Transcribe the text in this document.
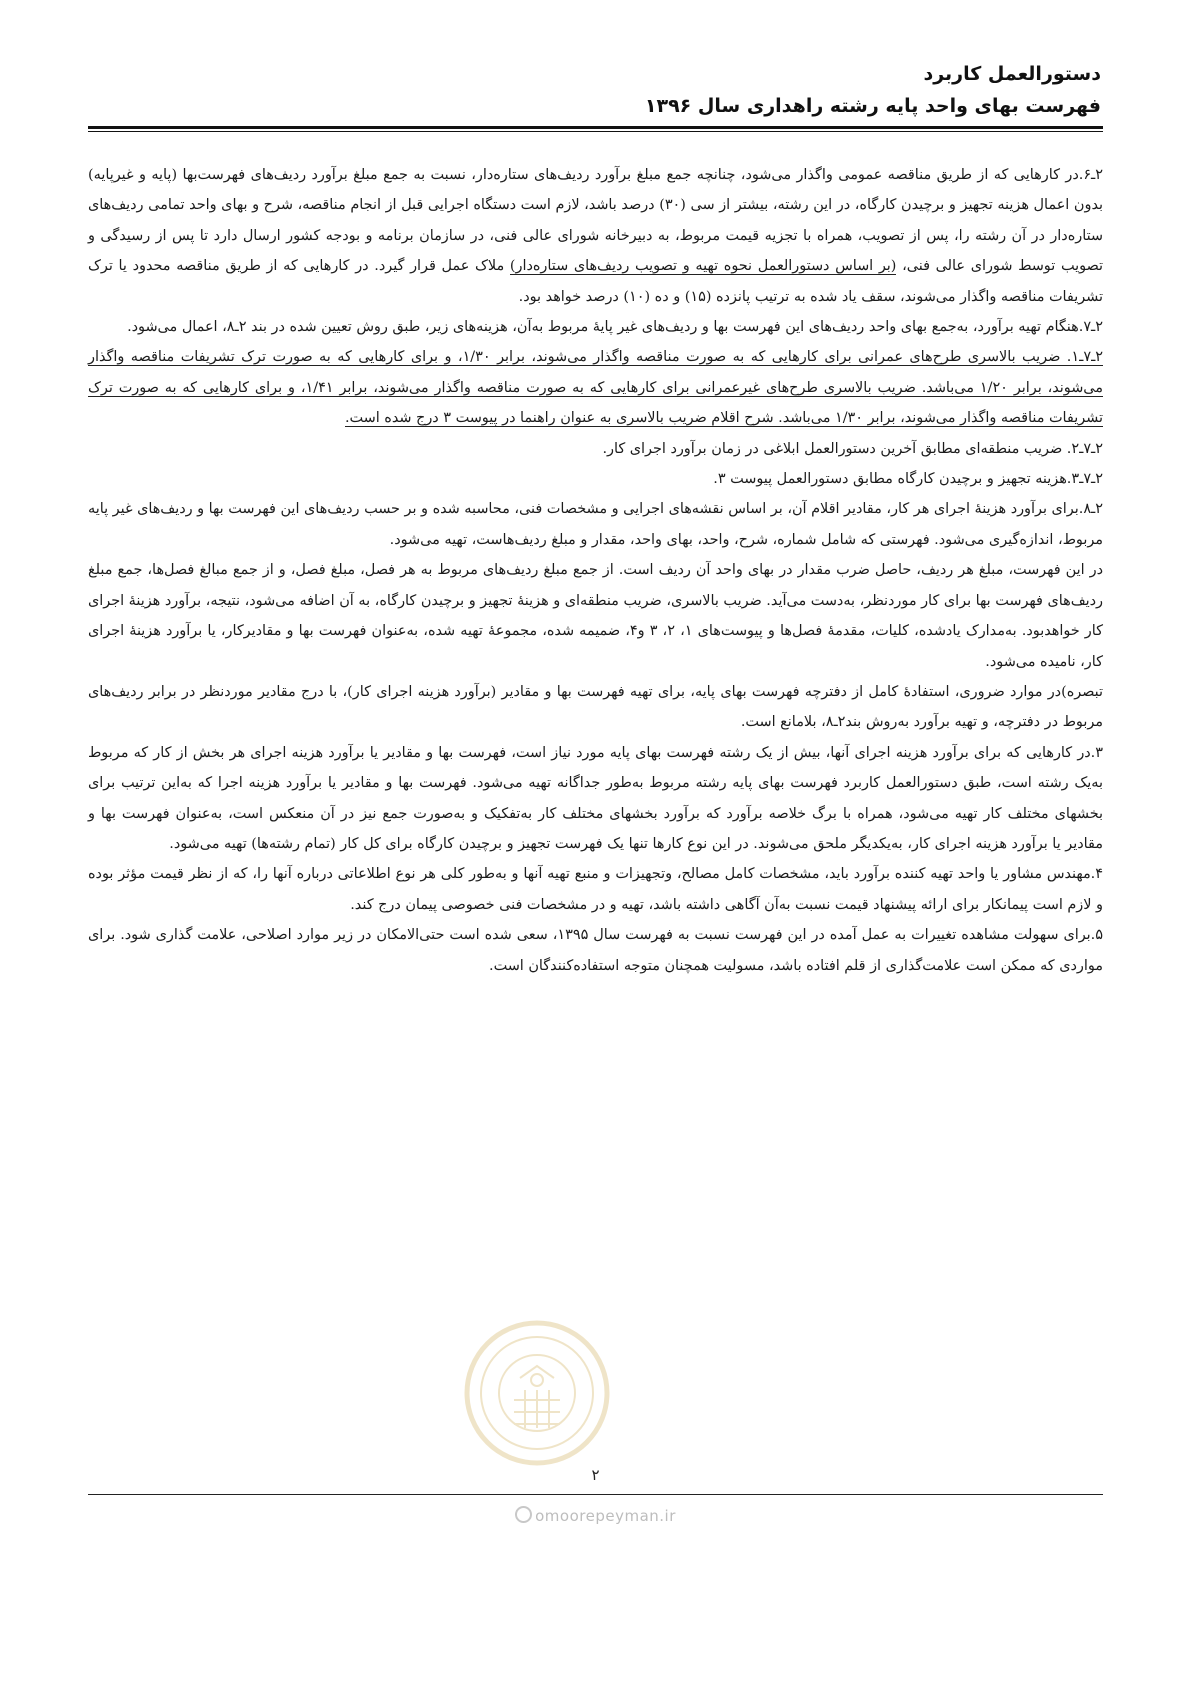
دستورالعمل کاربرد
فهرست بهای واحد پایه رشته راهداری سال ۱۳۹۶

۲ـ۶.در کارهایی که از طریق مناقصه عمومی واگذار می‌شود، چنانچه جمع مبلغ برآورد ردیف‌های ستاره‌دار، نسبت به جمع مبلغ برآورد ردیف‌های فهرست‌بها (پایه و غیرپایه) بدون اعمال هزینه تجهیز و برچیدن کارگاه، در این رشته، بیشتر از سی (۳۰) درصد باشد، لازم است دستگاه اجرایی قبل از انجام مناقصه، شرح و بهای واحد تمامی ردیف‌های ستاره‌دار در آن رشته را، پس از تصویب، همراه با تجزیه قیمت مربوط، به دبیرخانه شورای عالی فنی، در سازمان برنامه و بودجه کشور ارسال دارد تا پس از رسیدگی و تصویب توسط شورای عالی فنی، (بر اساس دستورالعمل نحوه تهیه و تصویب ردیف‌های ستاره‌دار) ملاک عمل قرار گیرد. در کارهایی که از طریق مناقصه محدود یا ترک تشریفات مناقصه واگذار می‌شوند، سقف یاد شده به ترتیب پانزده (۱۵) و ده (۱۰) درصد خواهد بود.

۲ـ۷.هنگام تهیه برآورد، به‌جمع بهای واحد ردیف‌های این فهرست بها و ردیف‌های غیر پایهٔ مربوط به‌آن، هزینه‌های زیر، طبق روش تعیین شده در بند ۲ـ۸، اعمال می‌شود.

۲ـ۷ـ۱. ضریب بالاسری طرح‌های عمرانی برای کارهایی که به صورت مناقصه واگذار می‌شوند، برابر ۱/۳۰، و برای کارهایی که به صورت ترک تشریفات مناقصه واگذار می‌شوند، برابر ۱/۲۰ می‌باشد. ضریب بالاسری طرح‌های غیرعمرانی برای کارهایی که به صورت مناقصه واگذار می‌شوند، برابر ۱/۴۱، و برای کارهایی که به صورت ترک تشریفات مناقصه واگذار می‌شوند، برابر ۱/۳۰ می‌باشد. شرح اقلام ضریب بالاسری به عنوان راهنما در پیوست ۳ درج شده است.

۲ـ۷ـ۲. ضریب منطقه‌ای مطابق آخرین دستورالعمل ابلاغی در زمان برآورد اجرای کار.

۲ـ۷ـ۳.هزینه تجهیز و برچیدن کارگاه مطابق دستورالعمل پیوست ۳.

۲ـ۸.برای برآورد هزینهٔ اجرای هر کار، مقادیر اقلام آن، بر اساس نقشه‌های اجرایی و مشخصات فنی، محاسبه شده و بر حسب ردیف‌های این فهرست بها و ردیف‌های غیر پایه مربوط، اندازه‌گیری می‌شود. فهرستی که شامل شماره، شرح، واحد، بهای واحد، مقدار و مبلغ ردیف‌هاست، تهیه می‌شود.

در این فهرست، مبلغ هر ردیف، حاصل ضرب مقدار در بهای واحد آن ردیف است. از جمع مبلغ ردیف‌های مربوط به هر فصل، مبلغ فصل، و از جمع مبالغ فصل‌ها، جمع مبلغ ردیف‌های فهرست بها برای کار موردنظر، به‌دست می‌آید. ضریب بالاسری، ضریب منطقه‌ای و هزینهٔ تجهیز و برچیدن کارگاه، به آن اضافه می‌شود، نتیجه، برآورد هزینهٔ اجرای کار خواهدبود. به‌مدارک یادشده، کلیات، مقدمهٔ فصل‌ها و پیوست‌های ۱، ۲، ۳ و۴، ضمیمه شده، مجموعهٔ تهیه شده، به‌عنوان فهرست بها و مقادیرکار، یا برآورد هزینهٔ اجرای کار، نامیده می‌شود.

تبصره)در موارد ضروری، استفادهٔ کامل از دفترچه فهرست بهای پایه، برای تهیه فهرست بها و مقادیر (برآورد هزینه اجرای کار)، با درج مقادیر موردنظر در برابر ردیف‌های مربوط در دفترچه، و تهیه برآورد به‌روش بند۲ـ۸، بلامانع است.

۳.در کارهایی که برای برآورد هزینه اجرای آنها، بیش از یک رشته فهرست بهای پایه مورد نیاز است، فهرست بها و مقادیر یا برآورد هزینه اجرای هر بخش از کار که مربوط به‌یک رشته است، طبق دستورالعمل کاربرد فهرست بهای پایه رشته مربوط به‌طور جداگانه تهیه می‌شود. فهرست بها و مقادیر یا برآورد هزینه اجرا که به‌این ترتیب برای بخشهای مختلف کار تهیه می‌شود، همراه با برگ خلاصه برآورد که برآورد بخشهای مختلف کار به‌تفکیک و به‌صورت جمع نیز در آن منعکس است، به‌عنوان فهرست بها و مقادیر یا برآورد هزینه اجرای کار، به‌یکدیگر ملحق می‌شوند. در این نوع کارها تنها یک فهرست تجهیز و برچیدن کارگاه برای کل کار (تمام رشته‌ها) تهیه می‌شود.

۴.مهندس مشاور یا واحد تهیه کننده برآورد باید، مشخصات کامل مصالح، وتجهیزات و منبع تهیه آنها و به‌طور کلی هر نوع اطلاعاتی درباره آنها را، که از نظر قیمت مؤثر بوده و لازم است پیمانکار برای ارائه پیشنهاد قیمت نسبت به‌آن آگاهی داشته باشد، تهیه و در مشخصات فنی خصوصی پیمان درج کند.

۵.برای سهولت مشاهده تغییرات به عمل آمده در این فهرست نسبت به فهرست سال ۱۳۹۵، سعی شده است حتی‌الامکان در زیر موارد اصلاحی، علامت گذاری شود. برای مواردی که ممکن است علامت‌گذاری از قلم افتاده باشد، مسولیت همچنان متوجه استفاده‌کنندگان است.

۲
omoorepeyman.ir
